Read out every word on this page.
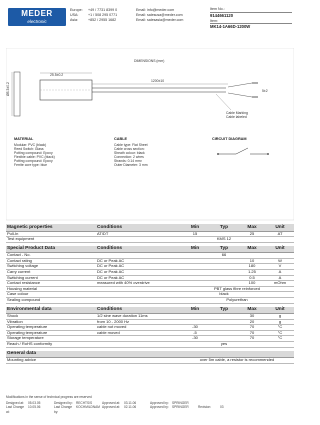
MEDER
electronic
Europe:	+49 / 7731 8399 0	Email: info@meder.com
USA:	+1 / 508 295 0771	Email: salesusa@meder.com
Asia:	+852 / 2955 1682	Email: salesasia@meder.com
Item No.:
9144661120
Item:
MK14-1A66D-1200W
DIMENSIONS (mm)
Ø5.3±0.2
25.5±0.2
1200±10
5±2
Cable Marking
Cable labeled
MATERIAL
Modular: PVC (black)
Reed Switch: Glass
Potting compound: Epoxy
Flexible cable: PVC (black)
Potting compound: Epoxy
Ferrite core type: blue
CABLE
Cable type: Flat Sheet
Cable cross section:
Sheath colour: black
Connection: 2 wires
Strands: 0.14 mm²
Outer Diameter: 3 mm
CIRCUIT DIAGRAM
Magnetic properties	Conditions	Min	Typ	Max	Unit
Pull-In	AT/DT	15		25	AT
Test equipment			KMS 12		
Special Product Data	Conditions	Min	Typ	Max	Unit
Contact - No.			66		
Contact rating	DC or Peak AC			10	W
Switching voltage	DC or Peak AC			180	V
Carry current	DC or Peak AC			1.25	A
Switching current	DC or Peak AC			0.5	A
Contact resistance	measured with 40% overdrive			100	mOhm
Housing material		PBT glass fibre reinforced			
Case colour			black		
Sealing compound		Polyurethan			
Environmental data	Conditions	Min	Typ	Max	Unit
Shock	1/2 sine wave duration 11ms			30	g
Vibration	from 10 - 2000 Hz			20	g
Operating temperature	cable not moved	-30		70	°C
Operating temperature	cable moved	-5		70	°C
Storage temperature		-30		70	°C
Reach / RoHS conformity			yes		
General data					
Mounting advice		over 5m cable, a resistor is recommended			
Modifications in the sense of technical progress are reserved
Designed at:	05.03.05	Designed by:	RECHTS/S	Approved at:	03.11.06	Approved by:	SPRINGER
Last Change at:
10.05.06	Last Change by:
KOCHMILDNAM Approved at:	02.11.06	Approved by:	SPRINGER	Revision:	03
